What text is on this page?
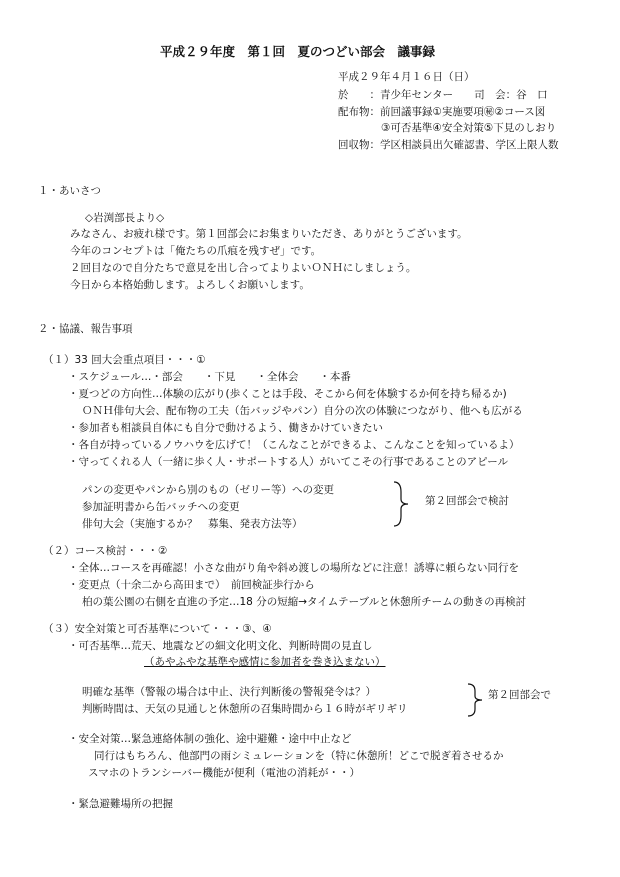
平成２９年度　第１回　夏のつどい部会　議事録
平成２９年４月１６日（日）
於　　：青少年センター　　司　会：谷　口
配布物：前回議事録①実施要項㊙②コース図
③可否基準④安全対策⑤下見のしおり
回収物：学区相談員出欠確認書、学区上限人数
１・あいさつ
◇岩渕部長より◇
みなさん、お疲れ様です。第１回部会にお集まりいただき、ありがとうございます。
今年のコンセプトは「俺たちの爪痕を残すぜ」です。
２回目なので自分たちで意見を出し合ってよりよいＯＮＨにしましょう。
今日から本格始動します。よろしくお願いします。
２・協議、報告事項
（１）33 回大会重点項目・・・①
・スケジュール…・部会　　・下見　　・全体会　　・本番
・夏つどの方向性…体験の広がり(歩くことは手段、そこから何を体験するか何を持ち帰るか)
ＯＮＨ俳句大会、配布物の工夫（缶バッジやパン）自分の次の体験につながり、他へも広がる
・参加者も相談員自体にも自分で動けるよう、働きかけていきたい
・各自が持っているノウハウを広げて！（こんなことができるよ、こんなことを知っているよ）
・守ってくれる人（一緒に歩く人・サポートする人）がいてこその行事であることのアピール
パンの変更やパンから別のもの（ゼリー等）への変更
参加証明書から缶バッチへの変更
俳句大会（実施するか？　募集、発表方法等）
第２回部会で検討
（２）コース検討・・・②
・全体…コースを再確認！小さな曲がり角や斜め渡しの場所などに注意！誘導に頼らない同行を
・変更点（十余二から高田まで）　前回検証歩行から
柏の葉公園の右側を直進の予定…18 分の短縮→タイムテーブルと休憩所チームの動きの再検討
（３）安全対策と可否基準について・・・③、④
・可否基準…荒天、地震などの細文化明文化、判断時間の見直し
（あやふやな基準や感情に参加者を巻き込まない）
明確な基準（警報の場合は中止、決行判断後の警報発令は？）
判断時間は、天気の見通しと休憩所の召集時間から１６時がギリギリ
第２回部会で
・安全対策…緊急連絡体制の強化、途中避難・途中中止など
同行はもちろん、他部門の雨シミュレーションを（特に休憩所！どこで脱ぎ着させるか
スマホのトランシーバー機能が便利（電池の消耗が・・）
・緊急避難場所の把握
